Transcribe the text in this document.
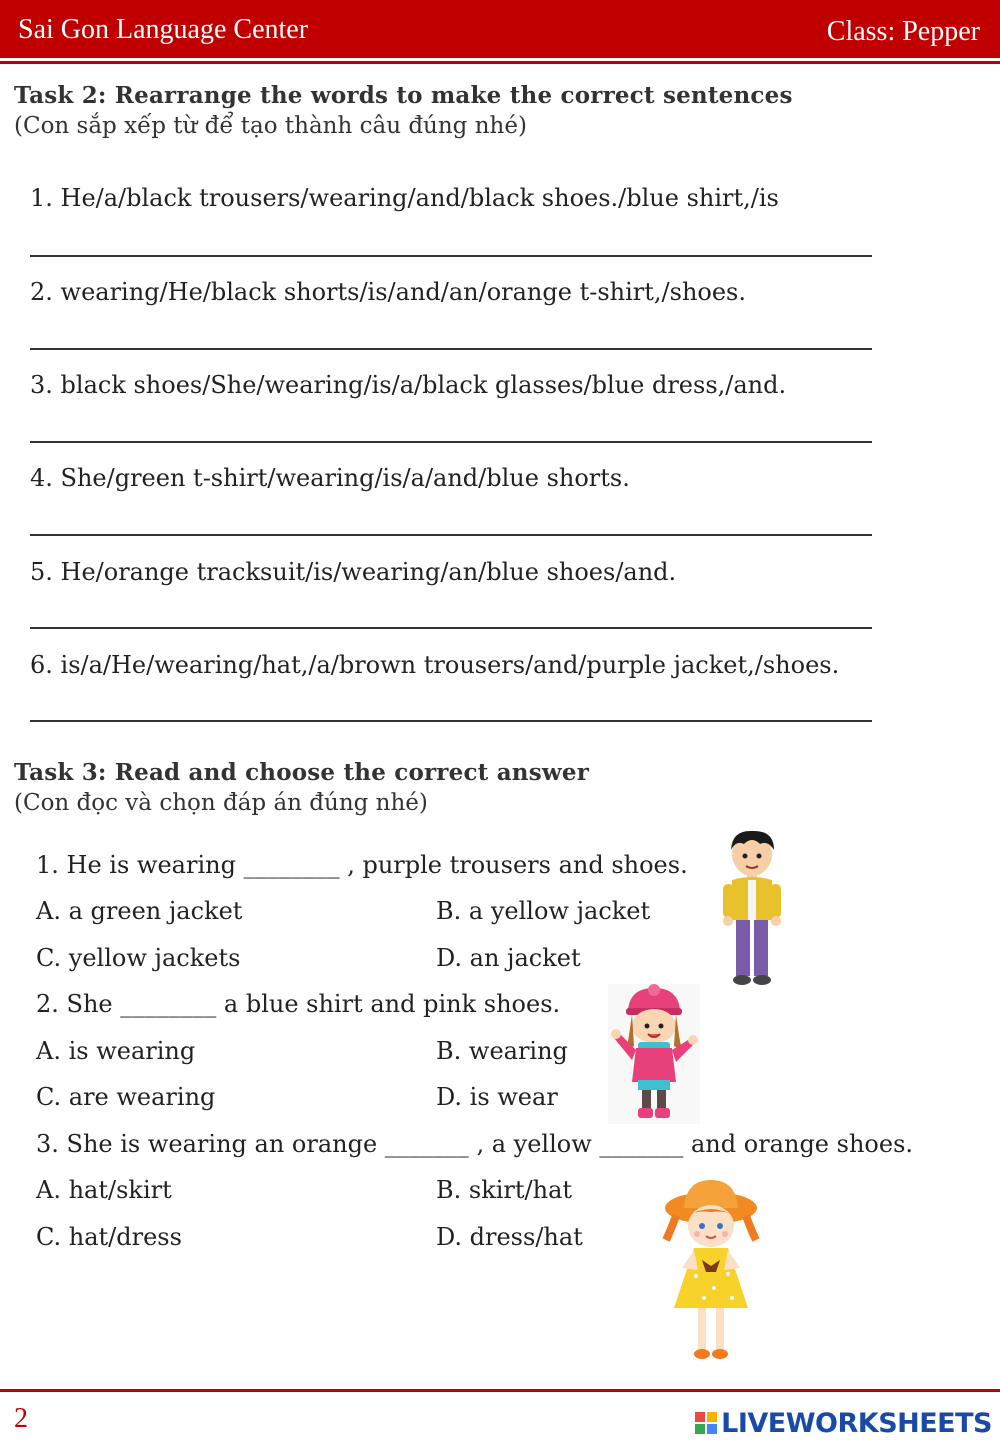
Sai Gon Language Center	Class: Pepper
Task 2: Rearrange the words to make the correct sentences
(Con sắp xếp từ để tạo thành câu đúng nhé)
1. He/a/black trousers/wearing/and/black shoes./blue shirt,/is
2. wearing/He/black shorts/is/and/an/orange t-shirt,/shoes.
3. black shoes/She/wearing/is/a/black glasses/blue dress,/and.
4. She/green t-shirt/wearing/is/a/and/blue shorts.
5. He/orange tracksuit/is/wearing/an/blue shoes/and.
6. is/a/He/wearing/hat,/a/brown trousers/and/purple jacket,/shoes.
Task 3: Read and choose the correct answer
(Con đọc và chọn đáp án đúng nhé)
1. He is wearing ________ , purple trousers and shoes.
A. a green jacket	B. a yellow jacket
C. yellow jackets	D. an jacket
2. She ________ a blue shirt and pink shoes.
A. is wearing	B. wearing
C. are wearing	D. is wear
3. She is wearing an orange _______ , a yellow _______ and orange shoes.
A. hat/skirt	B. skirt/hat
C. hat/dress	D. dress/hat
2	LIVEWORKSHEETS
